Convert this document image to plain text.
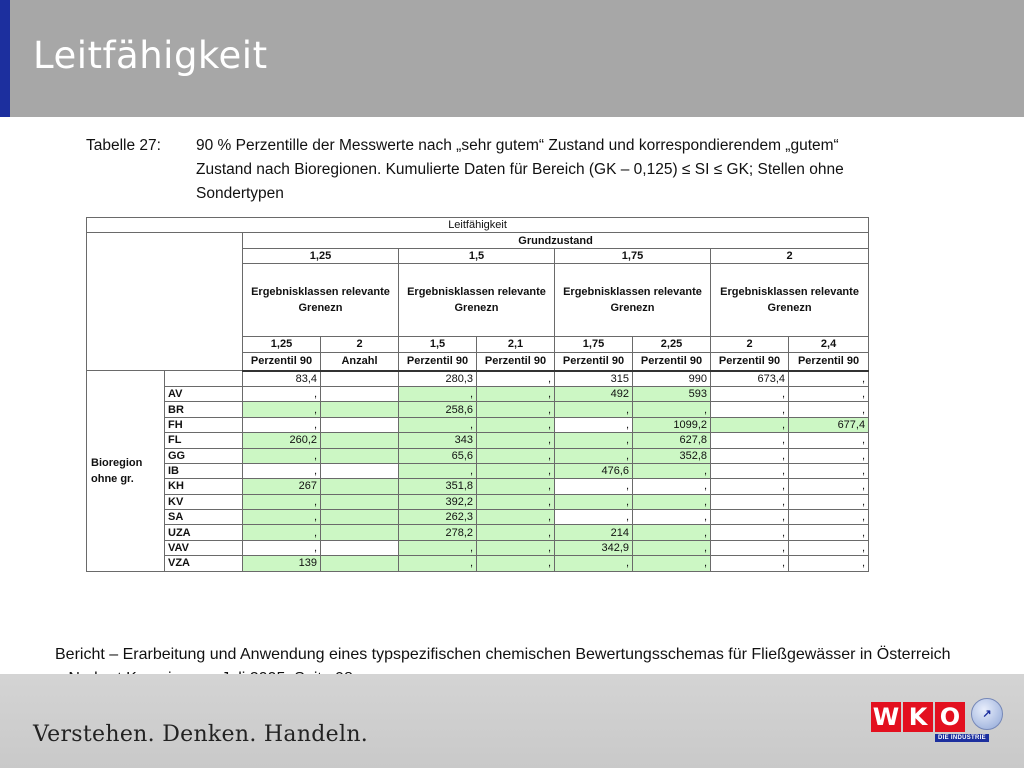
Leitfähigkeit
Tabelle 27: 90 % Perzentille der Messwerte nach „sehr gutem“ Zustand und korrespondierendem „gutem“ Zustand nach Bioregionen. Kumulierte Daten für Bereich (GK – 0,125) ≤ SI ≤ GK; Stellen ohne Sondertypen
Leitfähigkeit									
		Grundzustand							
		1,25		1,5		1,75		2	
		Ergebnisklassen relevante Grenezn		Ergebnisklassen relevante Grenezn		Ergebnisklassen relevante Grenezn		Ergebnisklassen relevante Grenezn	
		1,25	2	1,5	2,1	1,75	2,25	2	2,4
		Perzentil 90	Anzahl	Perzentil 90	Perzentil 90	Perzentil 90	Perzentil 90	Perzentil 90	Perzentil 90
Bioregion ohne gr.		83,4		280,3	,	315	990	673,4	,
	AV	,		,	,	492	593	,	,
	BR	,		258,6	,	,	,	,	,
	FH	,		,	,	,	1099,2	,	677,4
	FL	260,2		343	,	,	627,8	,	,
	GG	,		65,6	,	,	352,8	,	,
	IB	,		,	,	476,6	,	,	,
	KH	267		351,8	,	,	,	,	,
	KV	,		392,2	,	,	,	,	,
	SA	,		262,3	,	,	,	,	,
	UZA	,		278,2	,	214	,	,	,
	VAV	,		,	,	342,9	,	,	,
	VZA	139		,	,	,	,	,	,
Bericht – Erarbeitung und Anwendung eines typspezifischen chemischen Bewertungsschemas für Fließgewässer in Österreich
Verstehen. Denken. Handeln.
W K O	↗
DIE INDUSTRIE
